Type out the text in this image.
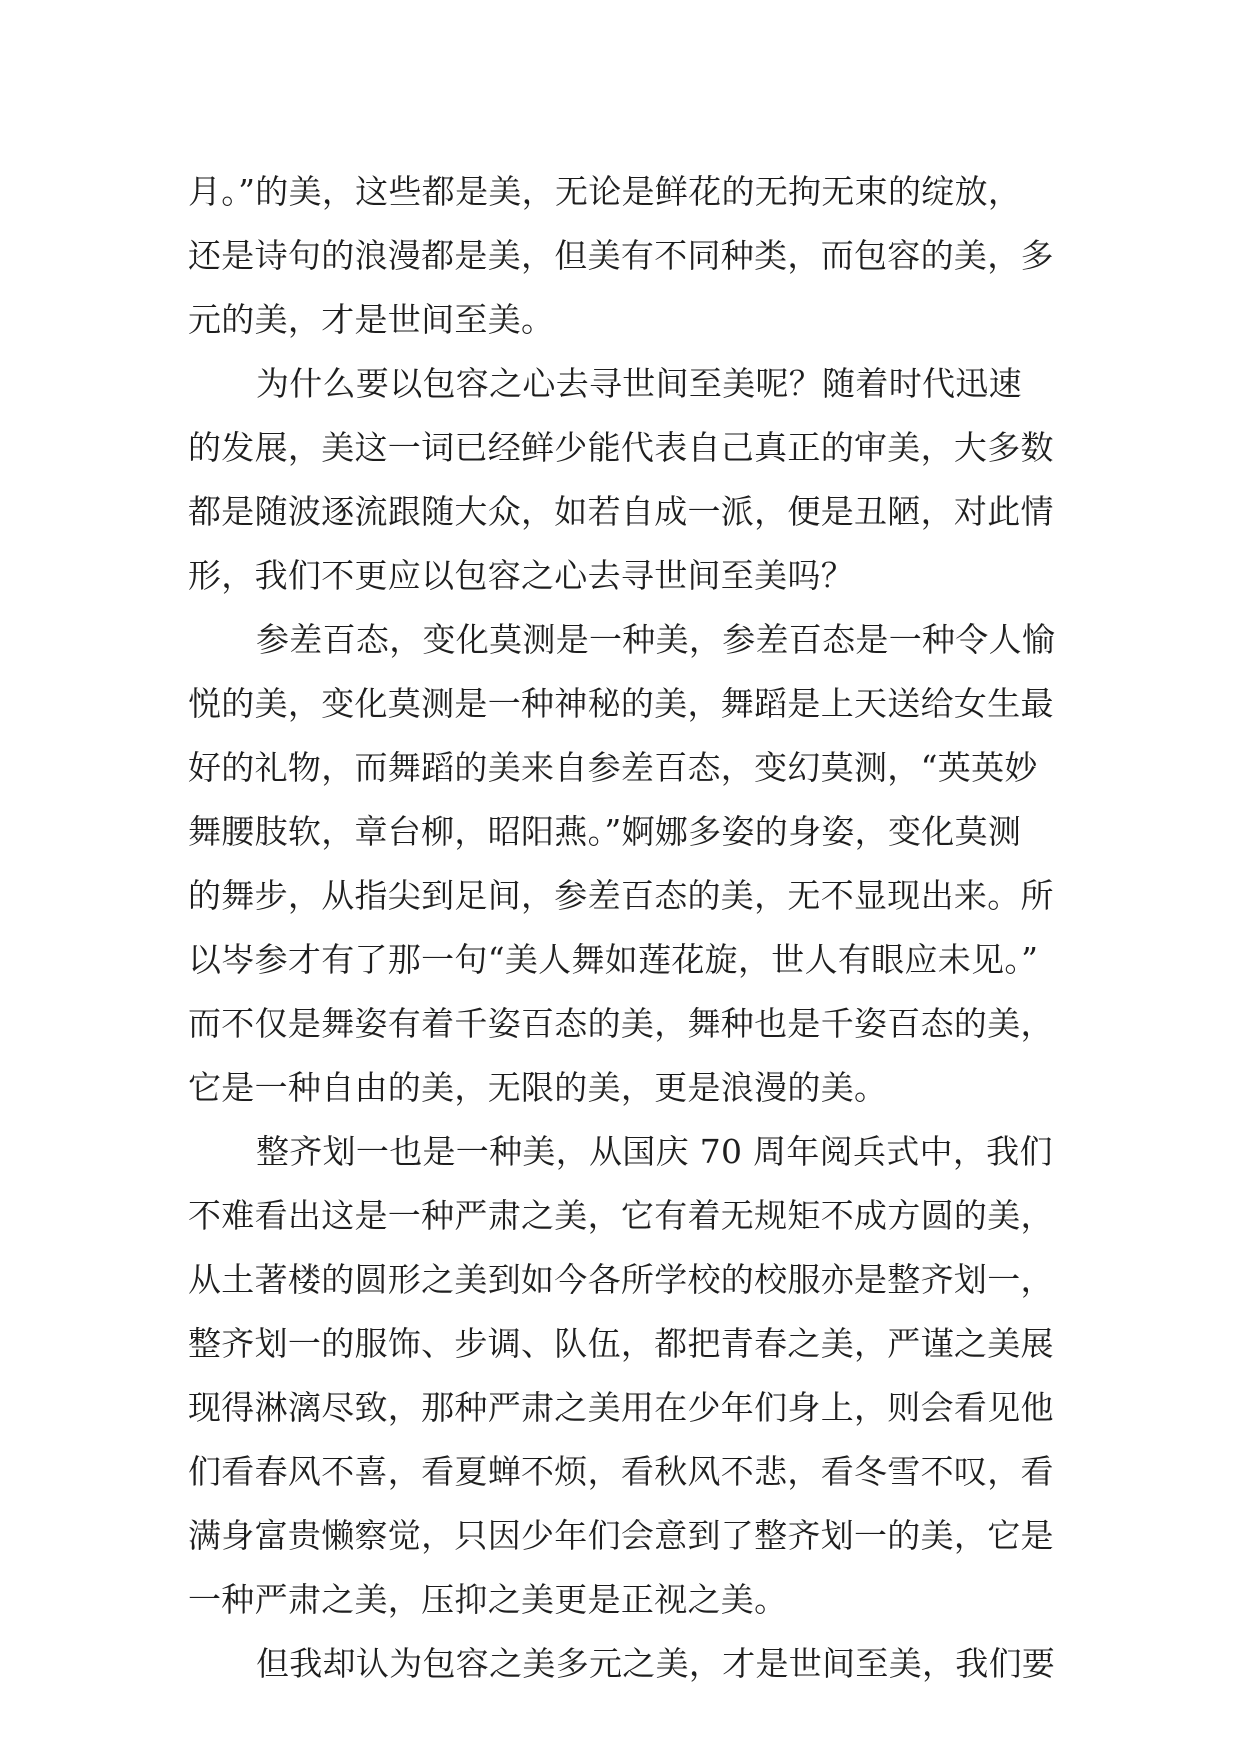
月。”的美，这些都是美，无论是鲜花的无拘无束的绽放，
还是诗句的浪漫都是美，但美有不同种类，而包容的美，多
元的美，才是世间至美。
为什么要以包容之心去寻世间至美呢？随着时代迅速
的发展，美这一词已经鲜少能代表自己真正的审美，大多数
都是随波逐流跟随大众，如若自成一派，便是丑陋，对此情
形，我们不更应以包容之心去寻世间至美吗？
参差百态，变化莫测是一种美，参差百态是一种令人愉
悦的美，变化莫测是一种神秘的美，舞蹈是上天送给女生最
好的礼物，而舞蹈的美来自参差百态，变幻莫测，“英英妙
舞腰肢软，章台柳，昭阳燕。”婀娜多姿的身姿，变化莫测
的舞步，从指尖到足间，参差百态的美，无不显现出来。所
以岑参才有了那一句“美人舞如莲花旋，世人有眼应未见。”
而不仅是舞姿有着千姿百态的美，舞种也是千姿百态的美，
它是一种自由的美，无限的美，更是浪漫的美。
整齐划一也是一种美，从国庆 70 周年阅兵式中，我们
不难看出这是一种严肃之美，它有着无规矩不成方圆的美，
从土著楼的圆形之美到如今各所学校的校服亦是整齐划一，
整齐划一的服饰、步调、队伍，都把青春之美，严谨之美展
现得淋漓尽致，那种严肃之美用在少年们身上，则会看见他
们看春风不喜，看夏蝉不烦，看秋风不悲，看冬雪不叹，看
满身富贵懒察觉，只因少年们会意到了整齐划一的美，它是
一种严肃之美，压抑之美更是正视之美。
但我却认为包容之美多元之美，才是世间至美，我们要
